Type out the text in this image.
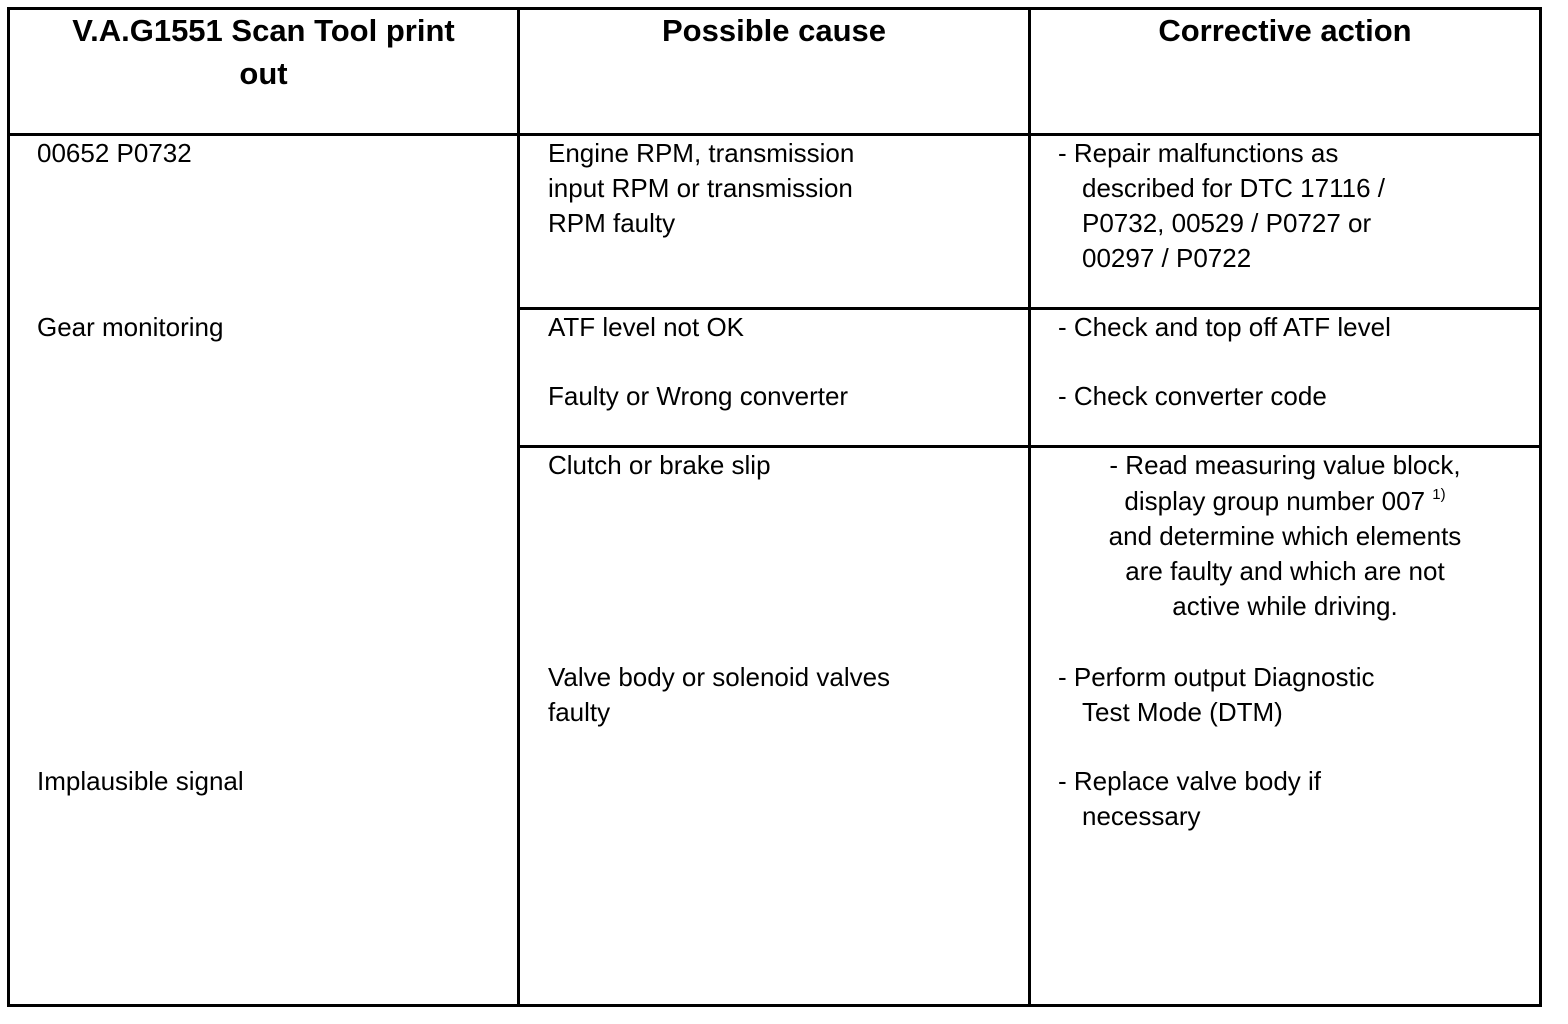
V.A.G1551 Scan Tool print
out
Possible cause	Corrective action
00652 P0732
Gear monitoring
Implausible signal
Engine RPM, transmission
input RPM or transmission
RPM faulty
ATF level not OK
Faulty or Wrong converter
Clutch or brake slip
Valve body or solenoid valves
faulty
- Repair malfunctions as
described for DTC 17116 /
P0732, 00529 / P0727 or
00297 / P0722
- Check and top off ATF level
- Check converter code
- Read measuring value block,
display group number 007 $^{1)}$
and determine which elements
are faulty and which are not
active while driving.
- Perform output Diagnostic
Test Mode (DTM)
- Replace valve body if
necessary
